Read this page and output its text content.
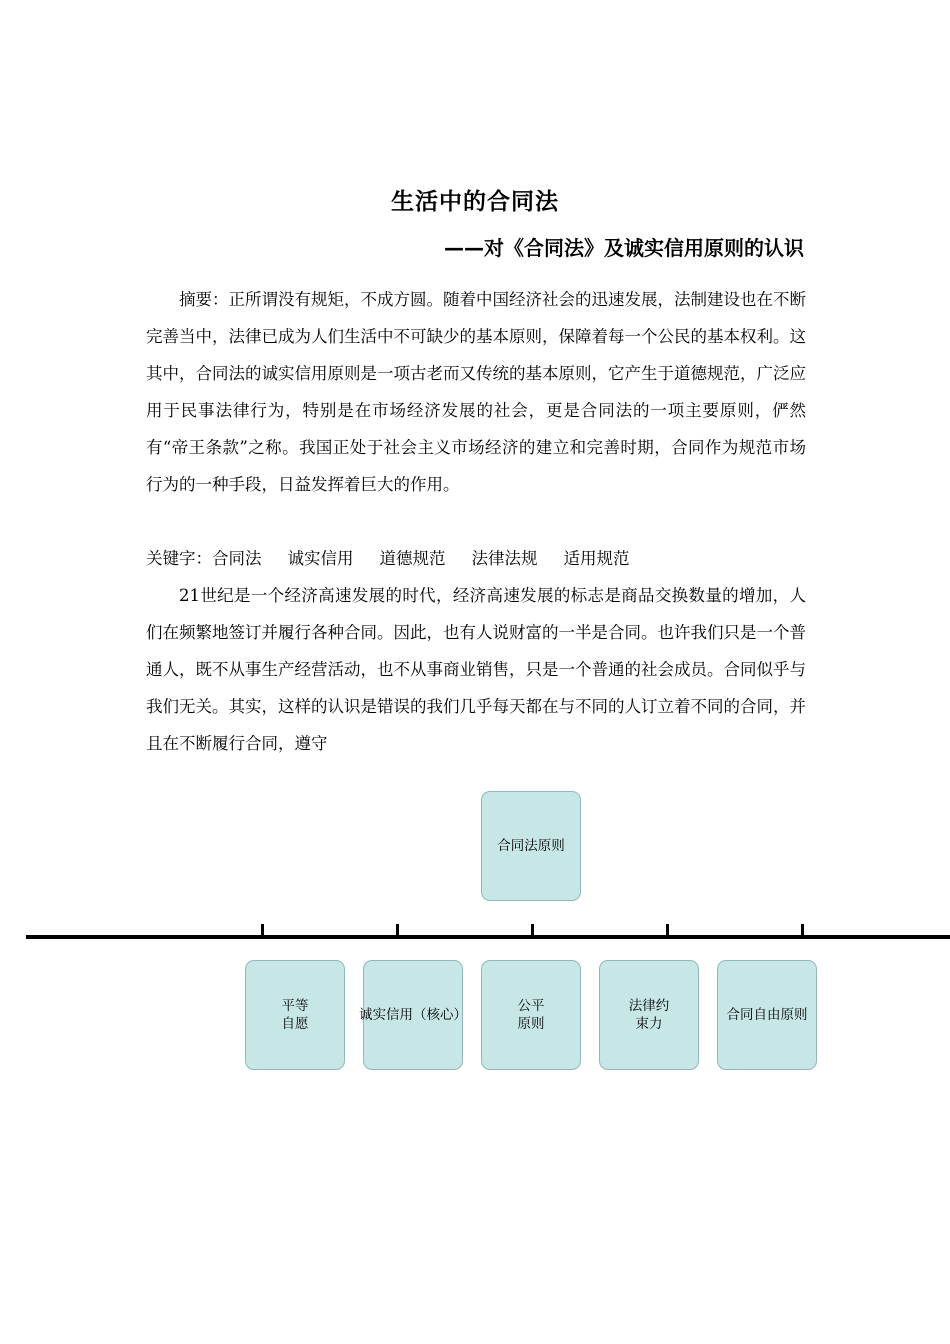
生活中的合同法
——对《合同法》及诚实信用原则的认识
摘要：正所谓没有规矩，不成方圆。随着中国经济社会的迅速发展，法制建设也在不断完善当中，法律已成为人们生活中不可缺少的基本原则，保障着每一个公民的基本权利。这其中，合同法的诚实信用原则是一项古老而又传统的基本原则，它产生于道德规范，广泛应用于民事法律行为，特别是在市场经济发展的社会，更是合同法的一项主要原则，俨然有“帝王条款”之称。我国正处于社会主义市场经济的建立和完善时期，合同作为规范市场行为的一种手段，日益发挥着巨大的作用。
关键字：合同法 诚实信用 道德规范 法律法规 适用规范
21世纪是一个经济高速发展的时代，经济高速发展的标志是商品交换数量的增加，人们在频繁地签订并履行各种合同。因此，也有人说财富的一半是合同。也许我们只是一个普通人，既不从事生产经营活动，也不从事商业销售，只是一个普通的社会成员。合同似乎与我们无关。其实，这样的认识是错误的我们几乎每天都在与不同的人订立着不同的合同，并且在不断履行合同，遵守
合同法原则
平等
自愿
诚实信用（核心）
公平
原则
法律约
束力
合同自由原则
